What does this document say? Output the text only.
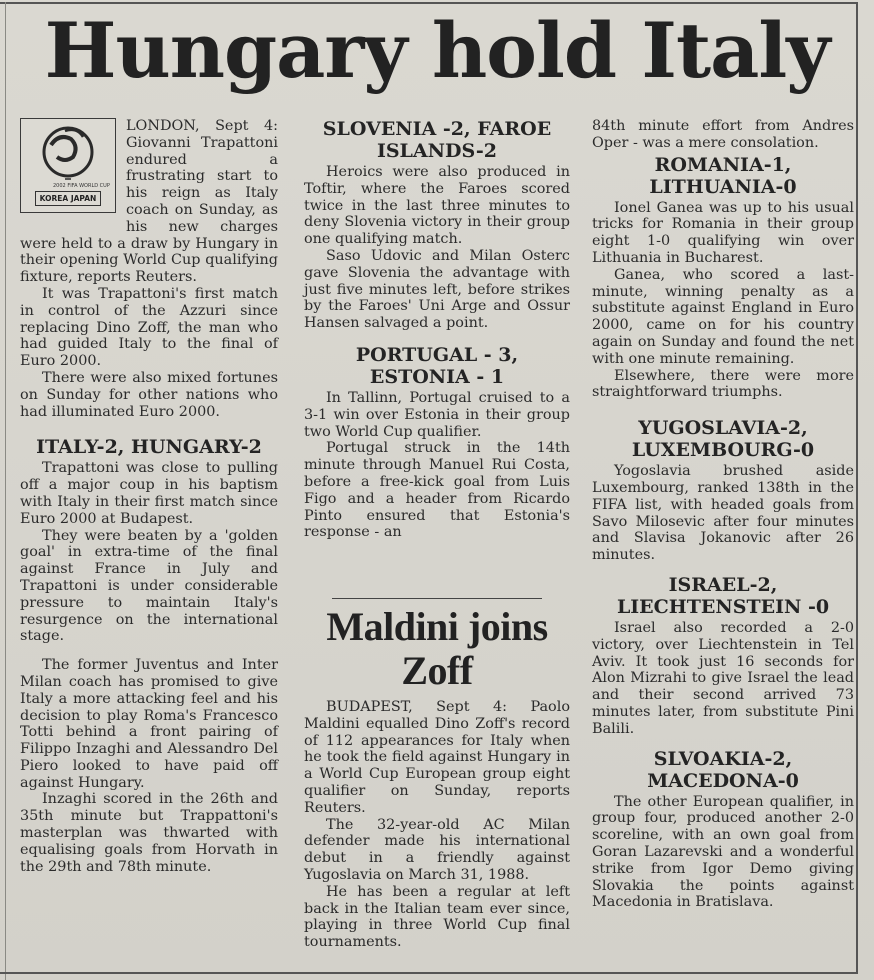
Hungary hold Italy
2002 FIFA WORLD CUP
KOREA JAPAN

LONDON, Sept 4: Giovanni Trapattoni endured a frustrating start to his reign as Italy coach on Sunday, as his new charges were held to a draw by Hungary in their opening World Cup qualifying fixture, reports Reuters.

It was Trapattoni's first match in control of the Azzuri since replacing Dino Zoff, the man who had guided Italy to the final of Euro 2000.

There were also mixed fortunes on Sunday for other nations who had illuminated Euro 2000.

ITALY-2, HUNGARY-2

Trapattoni was close to pulling off a major coup in his baptism with Italy in their first match since Euro 2000 at Budapest.

They were beaten by a 'golden goal' in extra-time of the final against France in July and Trapattoni is under considerable pressure to maintain Italy's resurgence on the international stage.

The former Juventus and Inter Milan coach has promised to give Italy a more attacking feel and his decision to play Roma's Francesco Totti behind a front pairing of Filippo Inzaghi and Alessandro Del Piero looked to have paid off against Hungary.

Inzaghi scored in the 26th and 35th minute but Trappattoni's masterplan was thwarted with equalising goals from Horvath in the 29th and 78th minute.

SLOVENIA -2, FAROE ISLANDS-2

Heroics were also produced in Toftir, where the Faroes scored twice in the last three minutes to deny Slovenia victory in their group one qualifying match.

Saso Udovic and Milan Osterc gave Slovenia the advantage with just five minutes left, before strikes by the Faroes' Uni Arge and Ossur Hansen salvaged a point.

PORTUGAL - 3, ESTONIA - 1

In Tallinn, Portugal cruised to a 3-1 win over Estonia in their group two World Cup qualifier.

Portugal struck in the 14th minute through Manuel Rui Costa, before a free-kick goal from Luis Figo and a header from Ricardo Pinto ensured that Estonia's response - an

Maldini joins Zoff

BUDAPEST, Sept 4: Paolo Maldini equalled Dino Zoff's record of 112 appearances for Italy when he took the field against Hungary in a World Cup European group eight qualifier on Sunday, reports Reuters.

The 32-year-old AC Milan defender made his international debut in a friendly against Yugoslavia on March 31, 1988.

He has been a regular at left back in the Italian team ever since, playing in three World Cup final tournaments.

84th minute effort from Andres Oper - was a mere consolation.

ROMANIA-1, LITHUANIA-0

Ionel Ganea was up to his usual tricks for Romania in their group eight 1-0 qualifying win over Lithuania in Bucharest.

Ganea, who scored a last-minute, winning penalty as a substitute against England in Euro 2000, came on for his country again on Sunday and found the net with one minute remaining.

Elsewhere, there were more straightforward triumphs.

YUGOSLAVIA-2, LUXEMBOURG-0

Yogoslavia brushed aside Luxembourg, ranked 138th in the FIFA list, with headed goals from Savo Milosevic after four minutes and Slavisa Jokanovic after 26 minutes.

ISRAEL-2, LIECHTENSTEIN -0

Israel also recorded a 2-0 victory, over Liechtenstein in Tel Aviv. It took just 16 seconds for Alon Mizrahi to give Israel the lead and their second arrived 73 minutes later, from substitute Pini Balili.

SLVOAKIA-2, MACEDONA-0

The other European qualifier, in group four, produced another 2-0 scoreline, with an own goal from Goran Lazarevski and a wonderful strike from Igor Demo giving Slovakia the points against Macedonia in Bratislava.
